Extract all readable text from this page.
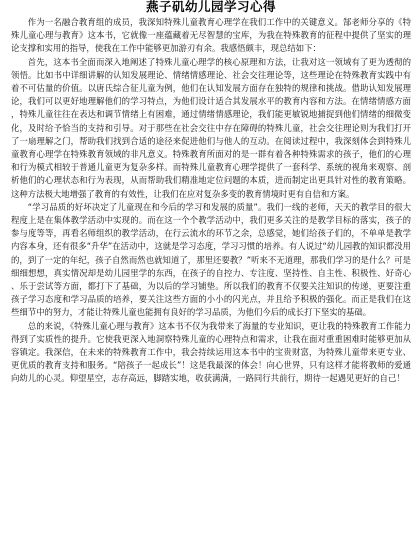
燕子矶幼儿园学习心得

作为一名融合教育组的成员，我深知特殊儿童教育心理学在我们工作中的关键意义。郜老师分享的《特殊儿童心理与教育》这本书，它就像一座蕴藏着无尽智慧的宝库，为我在特殊教育的征程中提供了坚实的理论支撑和实用的指导，使我在工作中能够更加游刃有余。我感悟颇丰，现总结如下：

首先，这本书全面而深入地阐述了特殊儿童心理学的核心原理和方法，让我对这一领域有了更为透彻的领悟。比如书中详细讲解的认知发展理论、情绪情感理论、社会交往理论等，这些理论在特殊教育实践中有着不可估量的价值。以唐氏综合征儿童为例，他们在认知发展方面存在独特的规律和挑战。借助认知发展理论，我们可以更好地理解他们的学习特点，为他们设计适合其发展水平的教育内容和方法。在情绪情感方面，特殊儿童往往在表达和调节情绪上有困难，通过情绪情感理论，我们能更敏锐地捕捉到他们情绪的细微变化，及时给予恰当的支持和引导。对于那些在社会交往中存在障碍的特殊儿童，社会交往理论则为我们打开了一扇理解之门，帮助我们找到合适的途径来促进他们与他人的互动。在阅读过程中，我深刻体会到特殊儿童教育心理学在特殊教育领域的非凡意义。特殊教育所面对的是一群有着各种特殊需求的孩子，他们的心理和行为模式相较于普通儿童更为复杂多样。而特殊儿童教育心理学提供了一套科学、系统的视角来观察、剖析他们的心理状态和行为表现，从而帮助我们精准地定位问题的本质，进而制定出更具针对性的教育策略。这种方法极大地增强了教育的有效性，让我们在应对复杂多变的教育情境时更有自信和方案。

“学习品质的好坏决定了儿童现在和今后的学习和发展的质量”。我们一线的老师，天天的教学目的很大程度上是在集体教学活动中实现的。而在这一个个教学活动中，我们更多关注的是教学目标的落实，孩子的参与度等等，再看名师组织的教学活动，在行云流水的环节之余，总感觉，她们给孩子们的，不单单是教学内容本身，还有很多“升华”在活动中，这就是学习态度，学习习惯的培养。有人说过“幼儿园教的知识都没用的，到了一定的年纪，孩子自然而然也就知道了，那里还要教？”听来不无道理，那我们学习的是什么？可是细细想想，真实情况却是幼儿园里学的东西，在孩子的自控力、专注度、坚持性、自主性、积极性、好奇心、乐于尝试等方面，都打下了基础，为以后的学习铺垫。所以我们的教育不仅要关注知识的传递，更要注重孩子学习态度和学习品质的培养，要关注这些方面的小小的闪光点，并且给予积极的强化。而正是我们在这些细节中的努力，才能让特殊儿童也能拥有良好的学习品质，为他们今后的成长打下坚实的基础。

总的来说，《特殊儿童心理与教育》这本书不仅为我带来了海量的专业知识，更让我的特殊教育工作能力得到了实质性的提升。它使我更深入地洞察特殊儿童的心理特点和需求，让我在面对重重困难时能够更加从容镇定。我深信，在未来的特殊教育工作中，我会持续运用这本书中的宝贵财富，为特殊儿童带来更专业、更优质的教育支持和服务。“陪孩子一起成长”！这是我最深的体会！向心世界，只有这样才能将教师的爱通向幼儿的心灵。仰望星空，志存高远，脚踏实地，收获满满，一路同行共前行，期待一起遇见更好的自己！
